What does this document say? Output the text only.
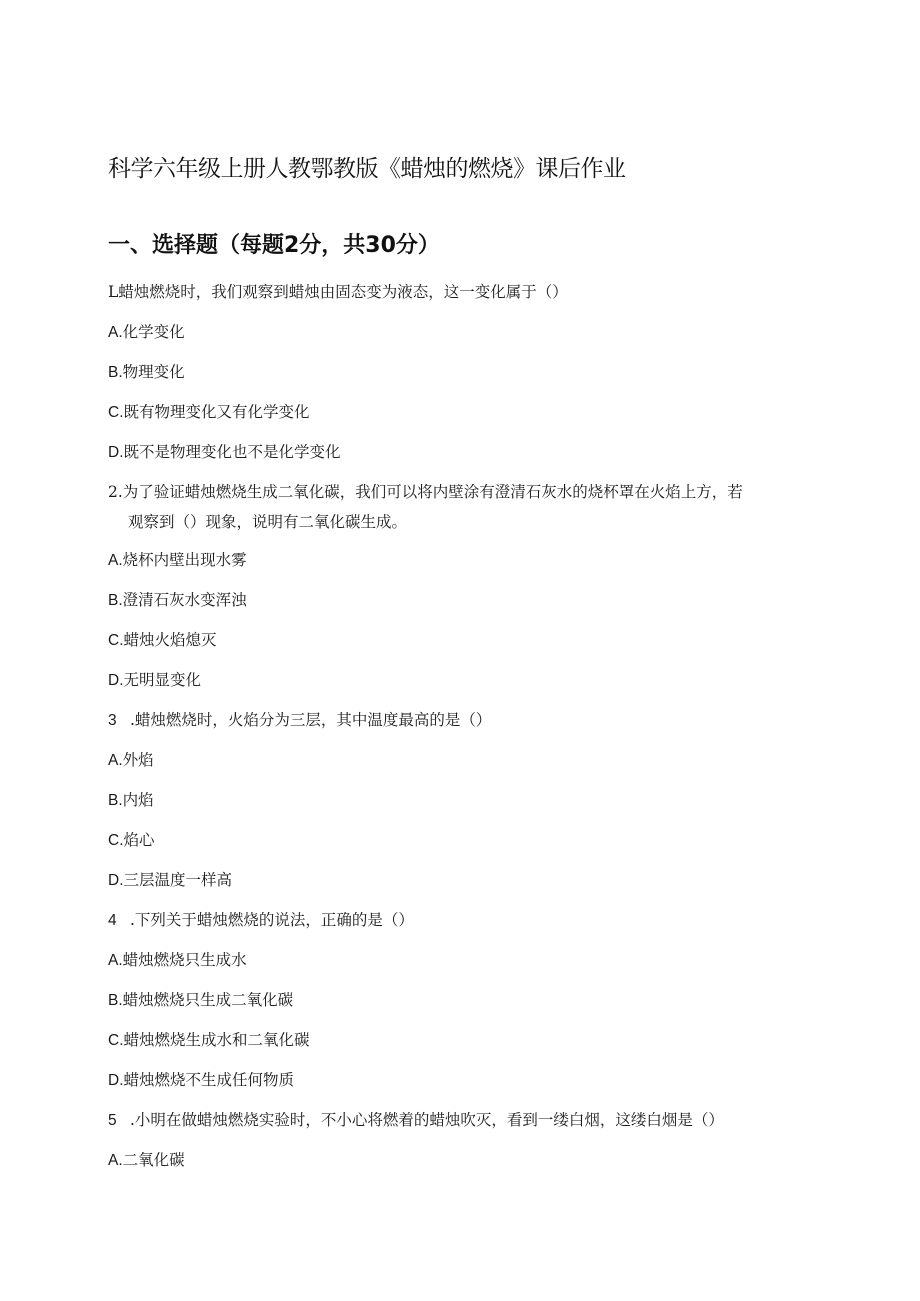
科学六年级上册人教鄂教版《蜡烛的燃烧》课后作业
一、选择题（每题2分，共30分）
L蜡烛燃烧时，我们观察到蜡烛由固态变为液态，这一变化属于（）
A.化学变化
B.物理变化
C.既有物理变化又有化学变化
D.既不是物理变化也不是化学变化
2.为了验证蜡烛燃烧生成二氧化碳，我们可以将内壁涂有澄清石灰水的烧杯罩在火焰上方，若
观察到（）现象，说明有二氧化碳生成。
A.烧杯内壁出现水雾
B.澄清石灰水变浑浊
C.蜡烛火焰熄灭
D.无明显变化
3 .蜡烛燃烧时，火焰分为三层，其中温度最高的是（）
A.外焰
B.内焰
C.焰心
D.三层温度一样高
4 .下列关于蜡烛燃烧的说法，正确的是（）
A.蜡烛燃烧只生成水
B.蜡烛燃烧只生成二氧化碳
C.蜡烛燃烧生成水和二氧化碳
D.蜡烛燃烧不生成任何物质
5 .小明在做蜡烛燃烧实验时，不小心将燃着的蜡烛吹灭，看到一缕白烟，这缕白烟是（）
A.二氧化碳
